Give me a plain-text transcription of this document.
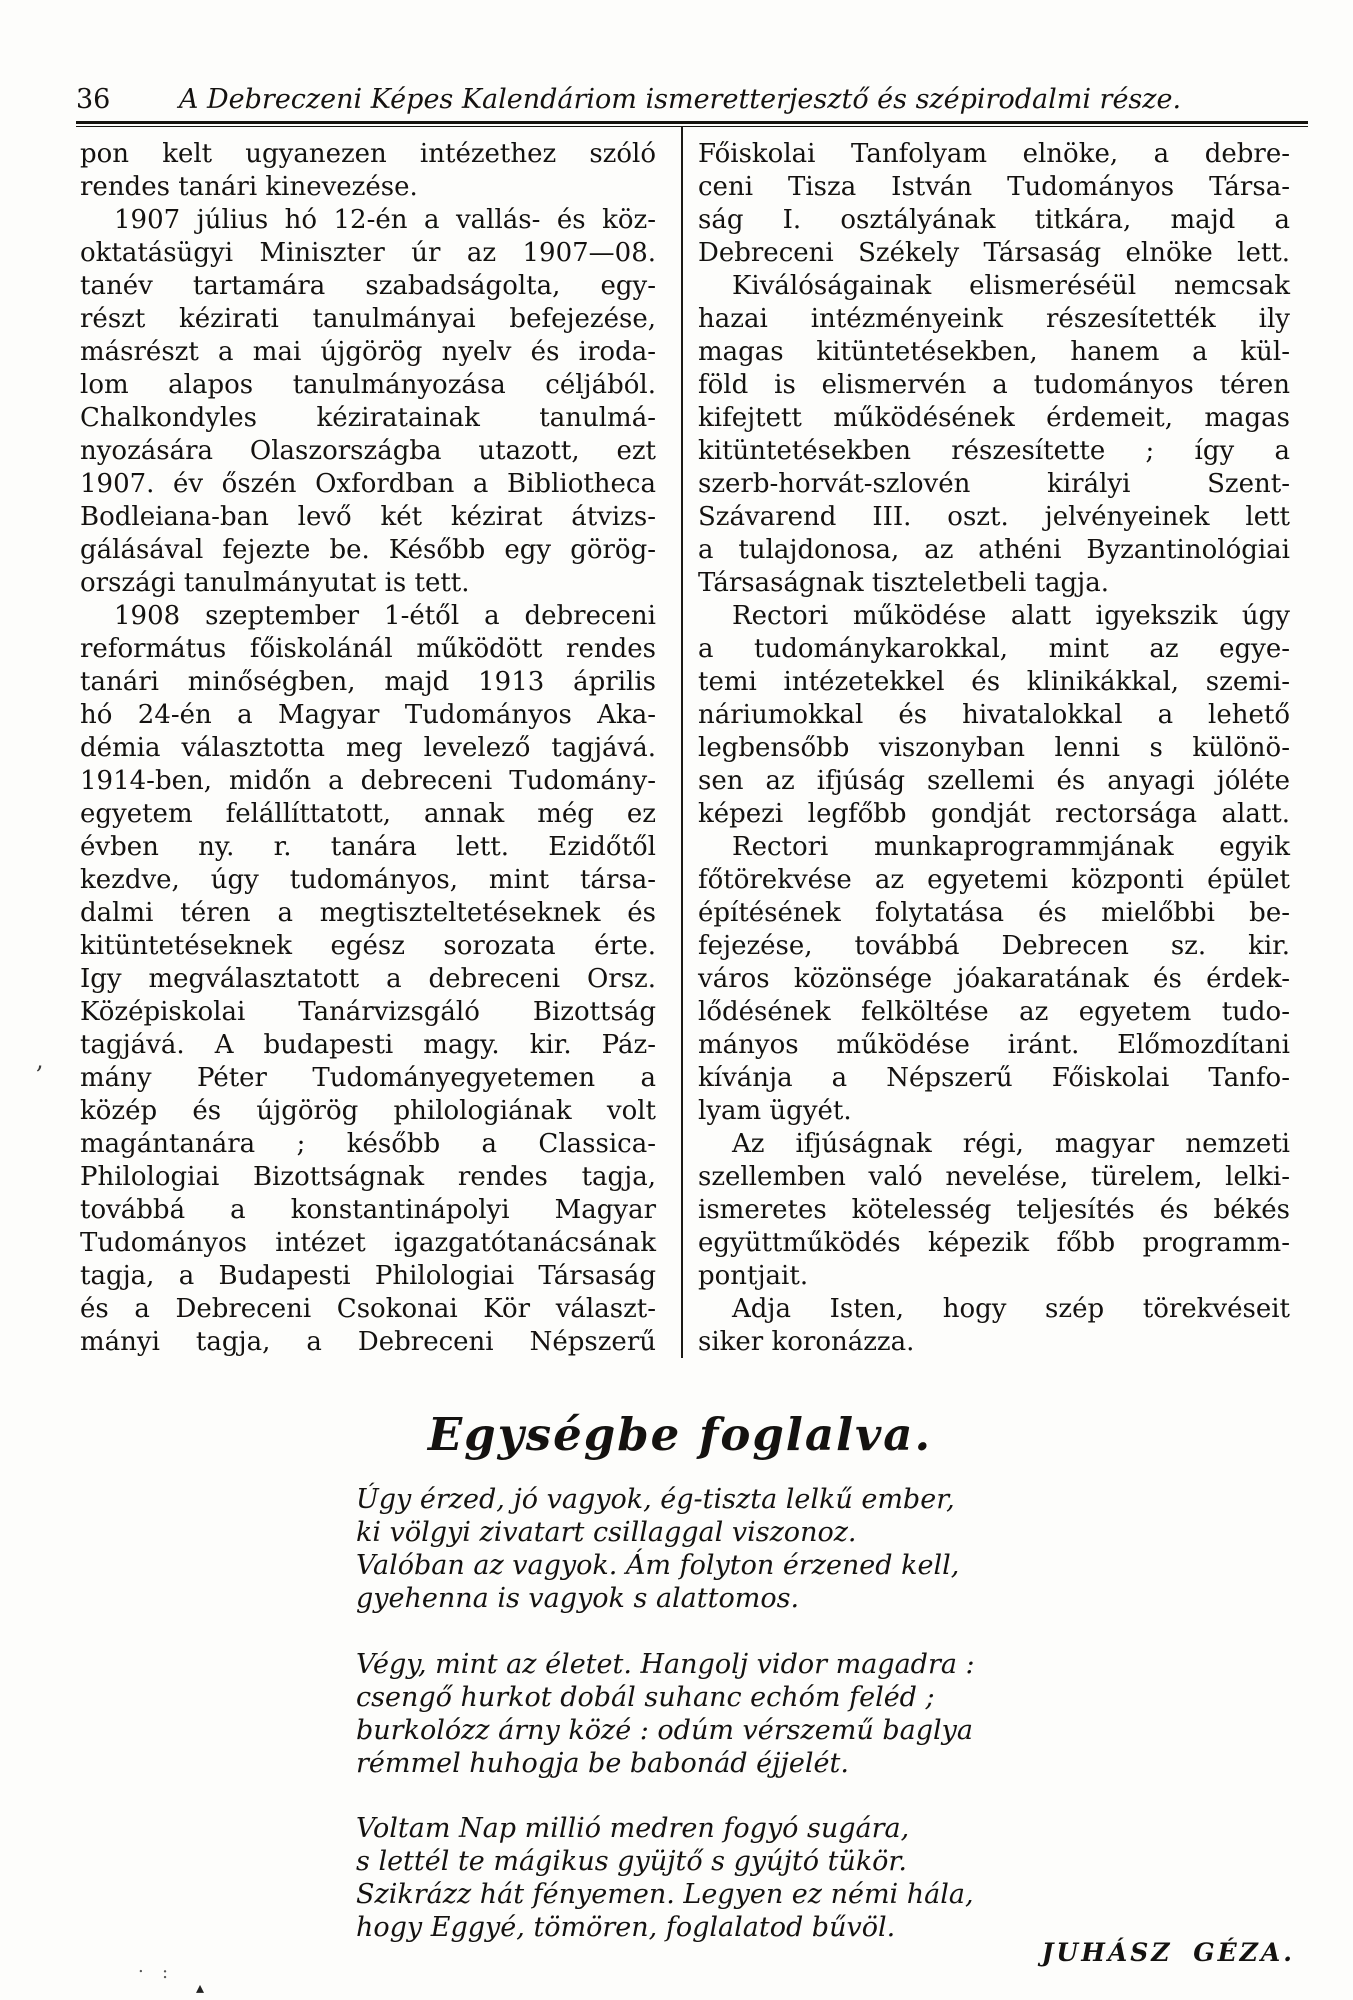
36	A Debreczeni Képes Kalendáriom ismeretterjesztő és szépirodalmi része.
pon kelt ugyanezen intézethez szóló
rendes tanári kinevezése.
1907 július hó 12-én a vallás- és köz-
oktatásügyi Miniszter úr az 1907—08.
tanév tartamára szabadságolta, egy-
részt kézirati tanulmányai befejezése,
másrészt a mai újgörög nyelv és iroda-
lom alapos tanulmányozása céljából.
Chalkondyles kéziratainak tanulmá-
nyozására Olaszországba utazott, ezt
1907. év őszén Oxfordban a Bibliotheca
Bodleiana-ban levő két kézirat átvizs-
gálásával fejezte be. Később egy görög-
országi tanulmányutat is tett.
1908 szeptember 1-étől a debreceni
református főiskolánál működött rendes
tanári minőségben, majd 1913 április
hó 24-én a Magyar Tudományos Aka-
démia választotta meg levelező tagjává.
1914-ben, midőn a debreceni Tudomány-
egyetem felállíttatott, annak még ez
évben ny. r. tanára lett. Ezidőtől
kezdve, úgy tudományos, mint társa-
dalmi téren a megtiszteltetéseknek és
kitüntetéseknek egész sorozata érte.
Igy megválasztatott a debreceni Orsz.
Középiskolai Tanárvizsgáló Bizottság
tagjává. A budapesti magy. kir. Páz-
mány Péter Tudományegyetemen a
közép és újgörög philologiának volt
magántanára ; később a Classica-
Philologiai Bizottságnak rendes tagja,
továbbá a konstantinápolyi Magyar
Tudományos intézet igazgatótanácsának
tagja, a Budapesti Philologiai Társaság
és a Debreceni Csokonai Kör választ-
mányi tagja, a Debreceni Népszerű
Főiskolai Tanfolyam elnöke, a debre-
ceni Tisza István Tudományos Társa-
ság I. osztályának titkára, majd a
Debreceni Székely Társaság elnöke lett.
Kiválóságainak elismeréséül nemcsak
hazai intézményeink részesítették ily
magas kitüntetésekben, hanem a kül-
föld is elismervén a tudományos téren
kifejtett működésének érdemeit, magas
kitüntetésekben részesítette ; így a
szerb-horvát-szlovén királyi Szent-
Szávarend III. oszt. jelvényeinek lett
a tulajdonosa, az athéni Byzantinológiai
Társaságnak tiszteletbeli tagja.
Rectori működése alatt igyekszik úgy
a tudománykarokkal, mint az egye-
temi intézetekkel és klinikákkal, szemi-
náriumokkal és hivatalokkal a lehető
legbensőbb viszonyban lenni s különö-
sen az ifjúság szellemi és anyagi jóléte
képezi legfőbb gondját rectorsága alatt.
Rectori munkaprogrammjának egyik
főtörekvése az egyetemi központi épület
építésének folytatása és mielőbbi be-
fejezése, továbbá Debrecen sz. kir.
város közönsége jóakaratának és érdek-
lődésének felköltése az egyetem tudo-
mányos működése iránt. Előmozdítani
kívánja a Népszerű Főiskolai Tanfo-
lyam ügyét.
Az ifjúságnak régi, magyar nemzeti
szellemben való nevelése, türelem, lelki-
ismeretes kötelesség teljesítés és békés
együttműködés képezik főbb programm-
pontjait.
Adja Isten, hogy szép törekvéseit
siker koronázza.
Egységbe foglalva.
Úgy érzed, jó vagyok, ég-tiszta lelkű ember,
ki völgyi zivatart csillaggal viszonoz.
Valóban az vagyok. Ám folyton érzened kell,
gyehenna is vagyok s alattomos.
Végy, mint az életet. Hangolj vidor magadra :
csengő hurkot dobál suhanc echóm feléd ;
burkolózz árny közé : odúm vérszemű baglya
rémmel huhogja be babonád éjjelét.
Voltam Nap millió medren fogyó sugára,
s lettél te mágikus gyüjtő s gyújtó tükör.
Szikrázz hát fényemen. Legyen ez némi hála,
hogy Eggyé, tömören, foglalatod bűvöl.
JUHÁSZ GÉZA.
,
. :
▴
